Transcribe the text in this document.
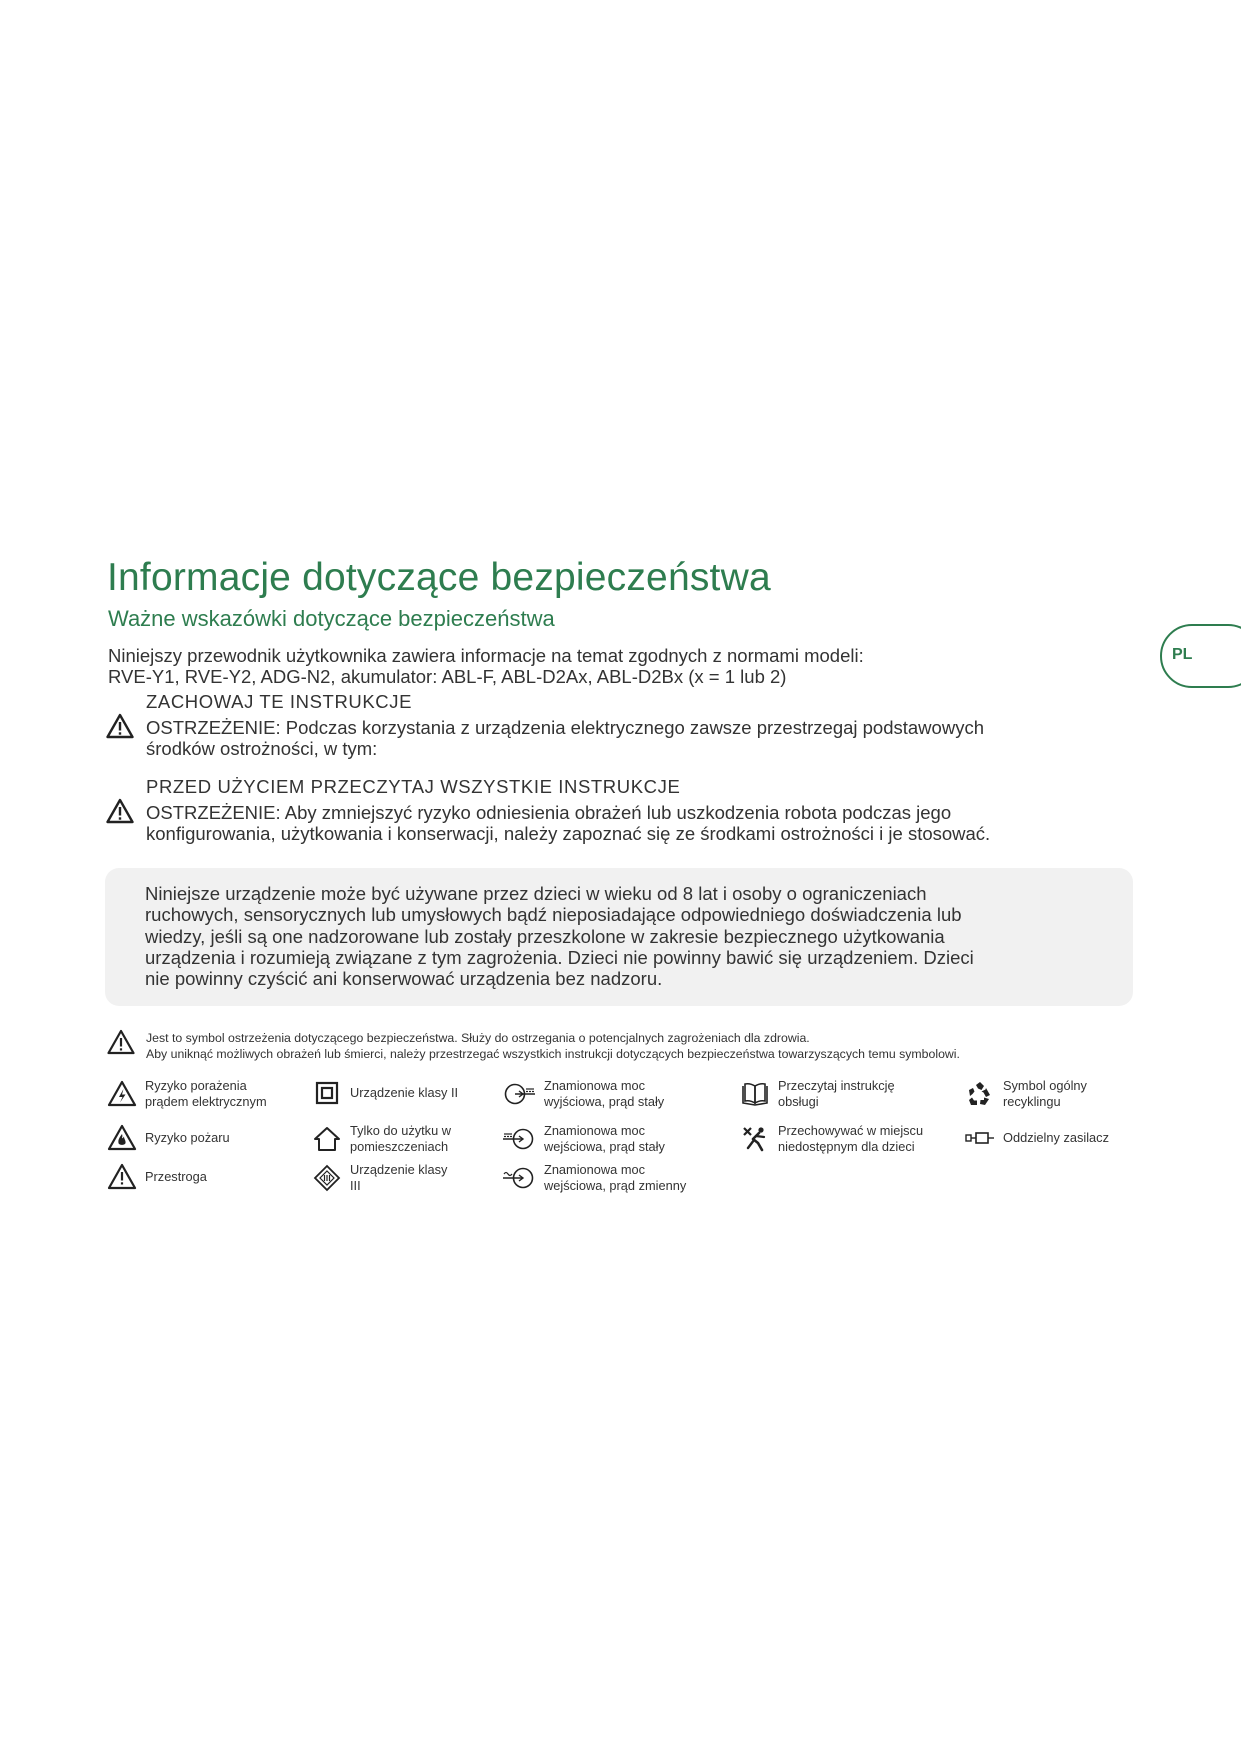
Informacje dotyczące bezpieczeństwa
Ważne wskazówki dotyczące bezpieczeństwa
PL
Niniejszy przewodnik użytkownika zawiera informacje na temat zgodnych z normami modeli:
RVE-Y1, RVE-Y2, ADG-N2, akumulator: ABL-F, ABL-D2Ax, ABL-D2Bx (x = 1 lub 2)
ZACHOWAJ TE INSTRUKCJE
OSTRZEŻENIE: Podczas korzystania z urządzenia elektrycznego zawsze przestrzegaj podstawowych
środków ostrożności, w tym:
PRZED UŻYCIEM PRZECZYTAJ WSZYSTKIE INSTRUKCJE
OSTRZEŻENIE: Aby zmniejszyć ryzyko odniesienia obrażeń lub uszkodzenia robota podczas jego
konfigurowania, użytkowania i konserwacji, należy zapoznać się ze środkami ostrożności i je stosować.
Niniejsze urządzenie może być używane przez dzieci w wieku od 8 lat i osoby o ograniczeniach
ruchowych, sensorycznych lub umysłowych bądź nieposiadające odpowiedniego doświadczenia lub
wiedzy, jeśli są one nadzorowane lub zostały przeszkolone w zakresie bezpiecznego użytkowania
urządzenia i rozumieją związane z tym zagrożenia. Dzieci nie powinny bawić się urządzeniem. Dzieci
nie powinny czyścić ani konserwować urządzenia bez nadzoru.
Jest to symbol ostrzeżenia dotyczącego bezpieczeństwa. Służy do ostrzegania o potencjalnych zagrożeniach dla zdrowia.
Aby uniknąć możliwych obrażeń lub śmierci, należy przestrzegać wszystkich instrukcji dotyczących bezpieczeństwa towarzyszących temu symbolowi.
Ryzyko porażenia
prądem elektrycznym
Ryzyko pożaru
Przestroga
Urządzenie klasy II
Tylko do użytku w
pomieszczeniach
Urządzenie klasy
III
Znamionowa moc
wyjściowa, prąd stały
Znamionowa moc
wejściowa, prąd stały
Znamionowa moc
wejściowa, prąd zmienny
Przeczytaj instrukcję
obsługi
Przechowywać w miejscu
niedostępnym dla dzieci
Symbol ogólny
recyklingu
Oddzielny zasilacz
